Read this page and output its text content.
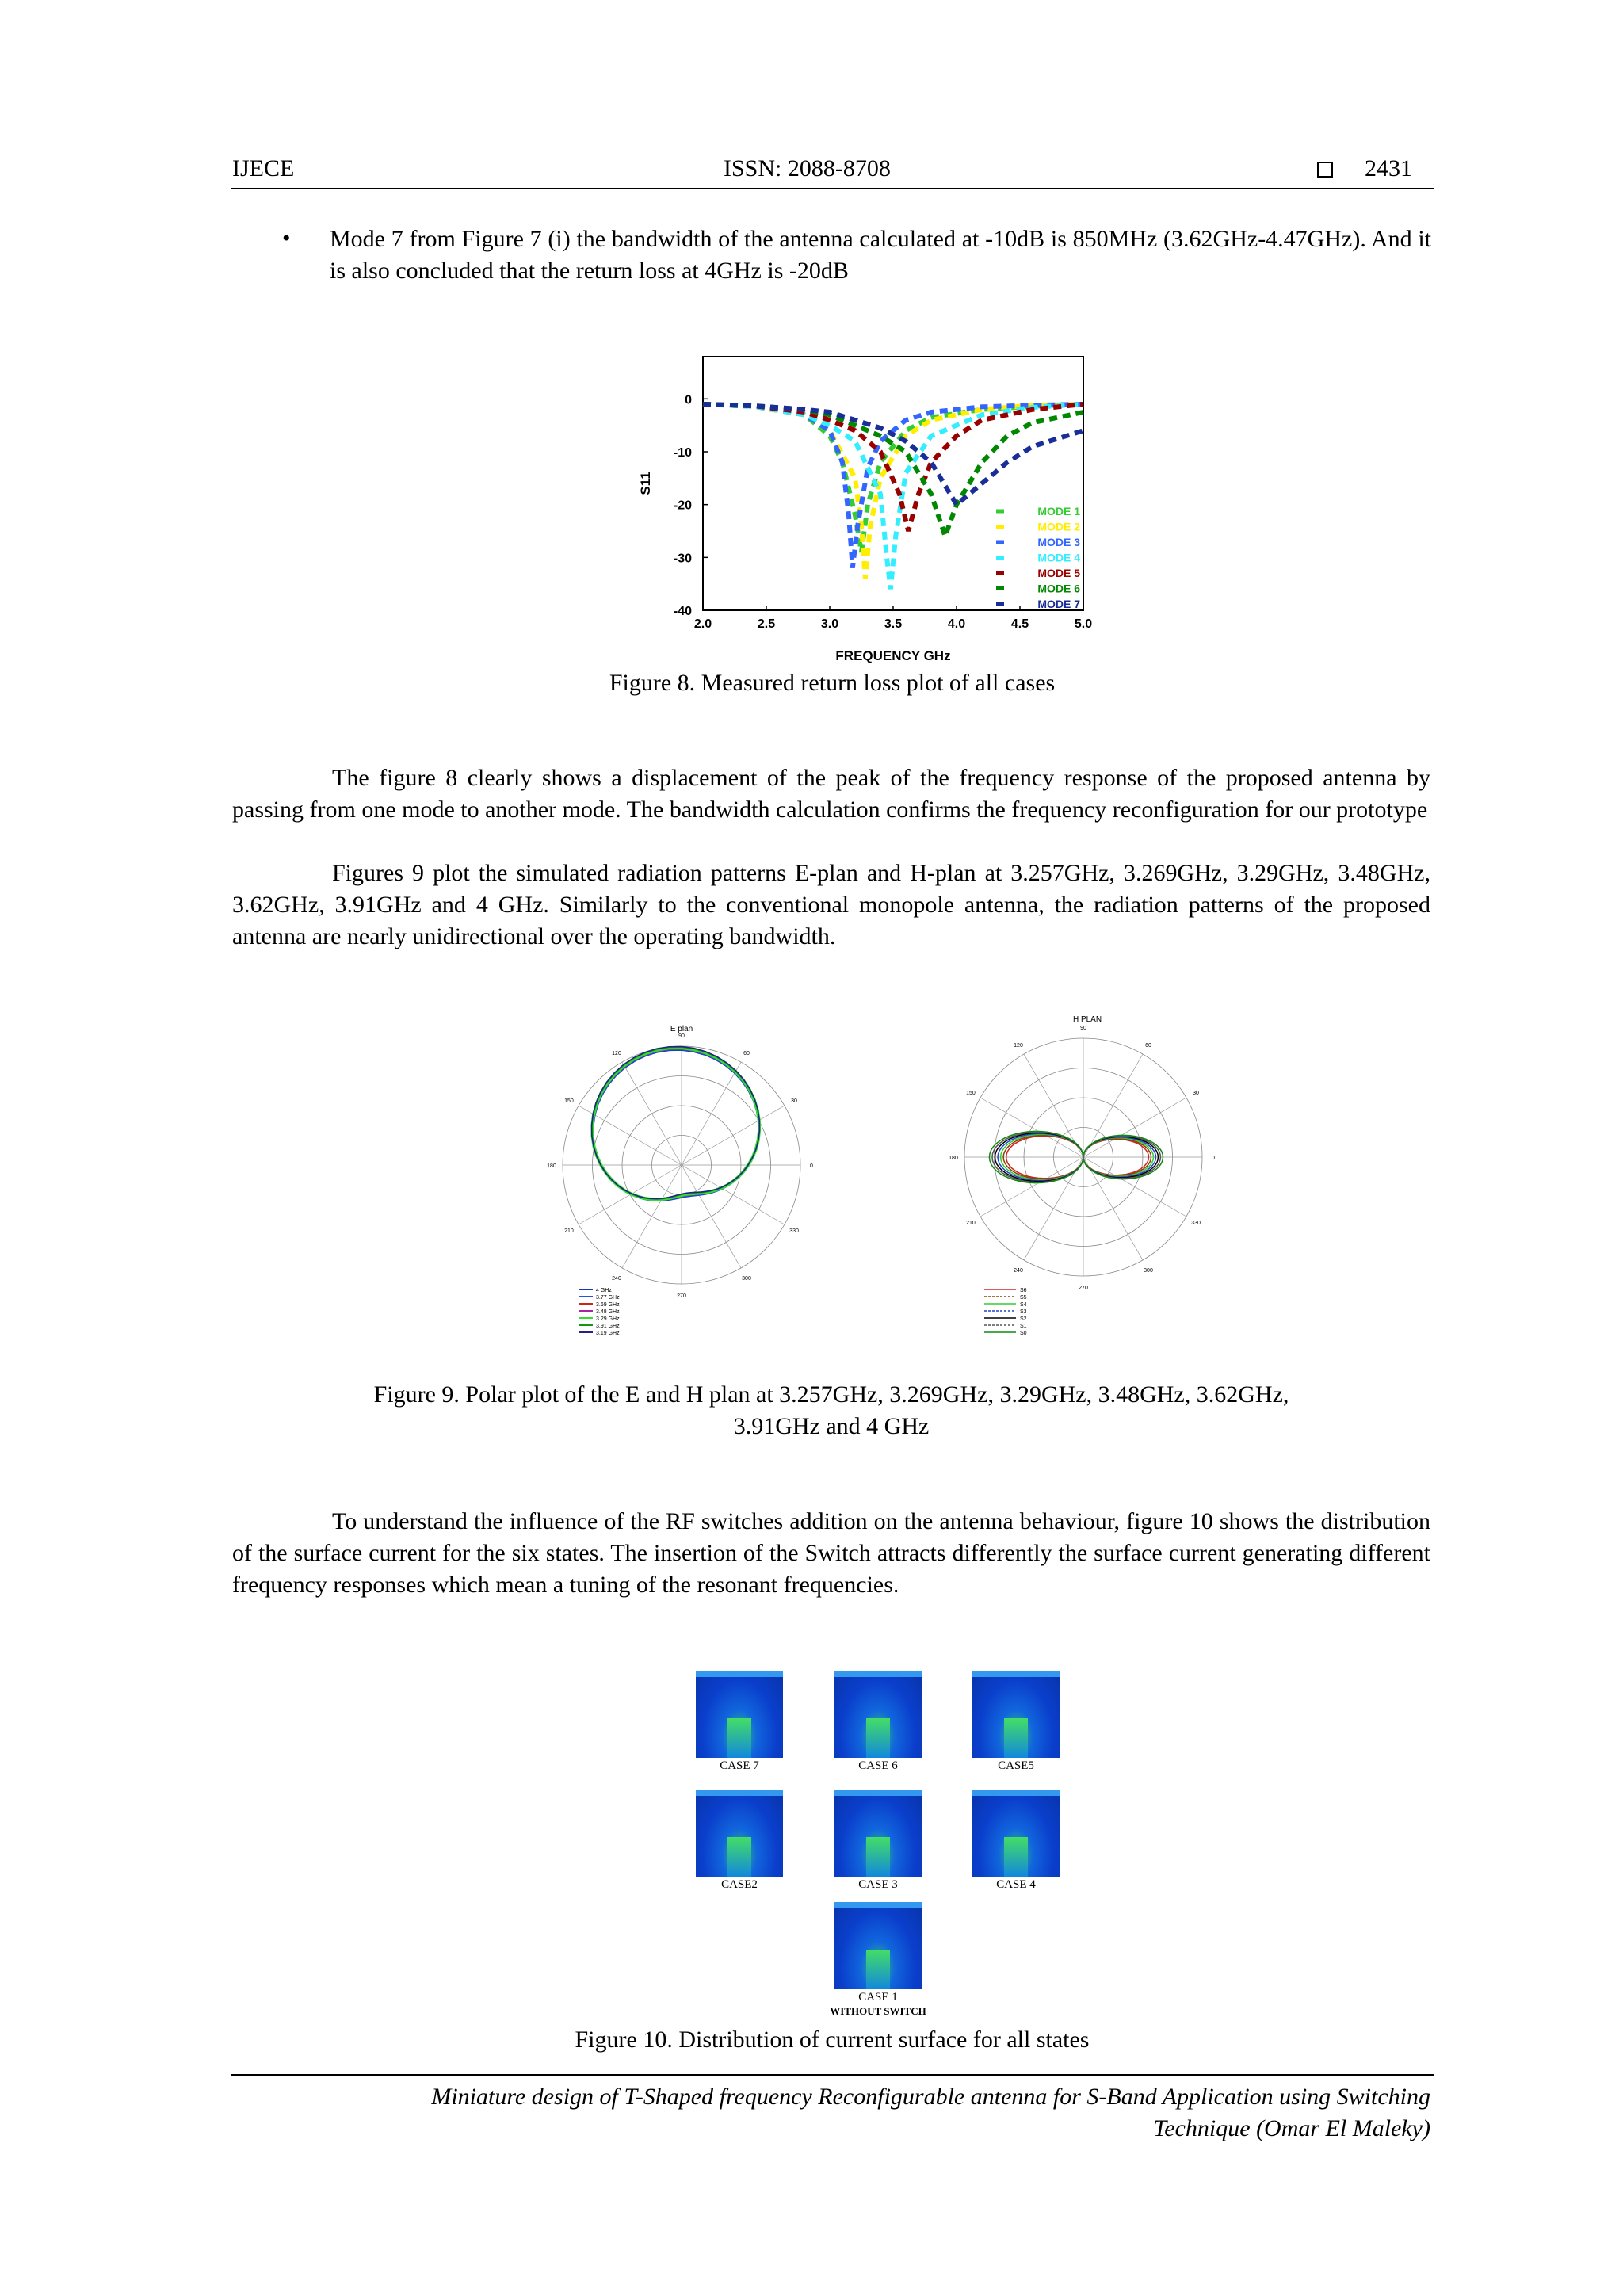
IJECE	ISSN: 2088-8708	2431
• Mode 7 from Figure 7 (i) the bandwidth of the antenna calculated at -10dB is 850MHz (3.62GHz-4.47GHz). And it is also concluded that the return loss at 4GHz is -20dB
2.0	2.5	3.0	3.5	4.0	4.5	5.0
0
-10
-20
-30
-40
MODE 1
MODE 2
MODE 3
MODE 4
MODE 5
MODE 6
MODE 7
FREQUENCY GHz
S11
Figure 8. Measured return loss plot of all cases
The figure 8 clearly shows a displacement of the peak of the frequency response of the proposed antenna by passing from one mode to another mode. The bandwidth calculation confirms the frequency reconfiguration for our prototype
Figures 9 plot the simulated radiation patterns E-plan and H-plan at 3.257GHz, 3.269GHz, 3.29GHz, 3.48GHz, 3.62GHz, 3.91GHz and 4 GHz. Similarly to the conventional monopole antenna, the radiation patterns of the proposed antenna are nearly unidirectional over the operating bandwidth.
E plan
0
30
60
90
120
150
180
210
240
270
300
330
4 GHz
3.77 GHz
3.69 GHz
3.48 GHz
3.29 GHz
3.91 GHz
3.19 GHz
H PLAN
0
30
60
90
120
150
180
210
240
270
300
330
S6
S5
S4
S3
S2
S1
S0
Figure 9. Polar plot of the E and H plan at 3.257GHz, 3.269GHz, 3.29GHz, 3.48GHz, 3.62GHz,
3.91GHz and 4 GHz
To understand the influence of the RF switches addition on the antenna behaviour, figure 10 shows the distribution of the surface current for the six states. The insertion of the Switch attracts differently the surface current generating different frequency responses which mean a tuning of the resonant frequencies.
CASE 7	CASE 6	CASE5
CASE2	CASE 3	CASE 4
CASE 1
WITHOUT SWITCH
Figure 10. Distribution of current surface for all states
Miniature design of T-Shaped frequency Reconfigurable antenna for S-Band Application using Switching
Technique (Omar El Maleky)
